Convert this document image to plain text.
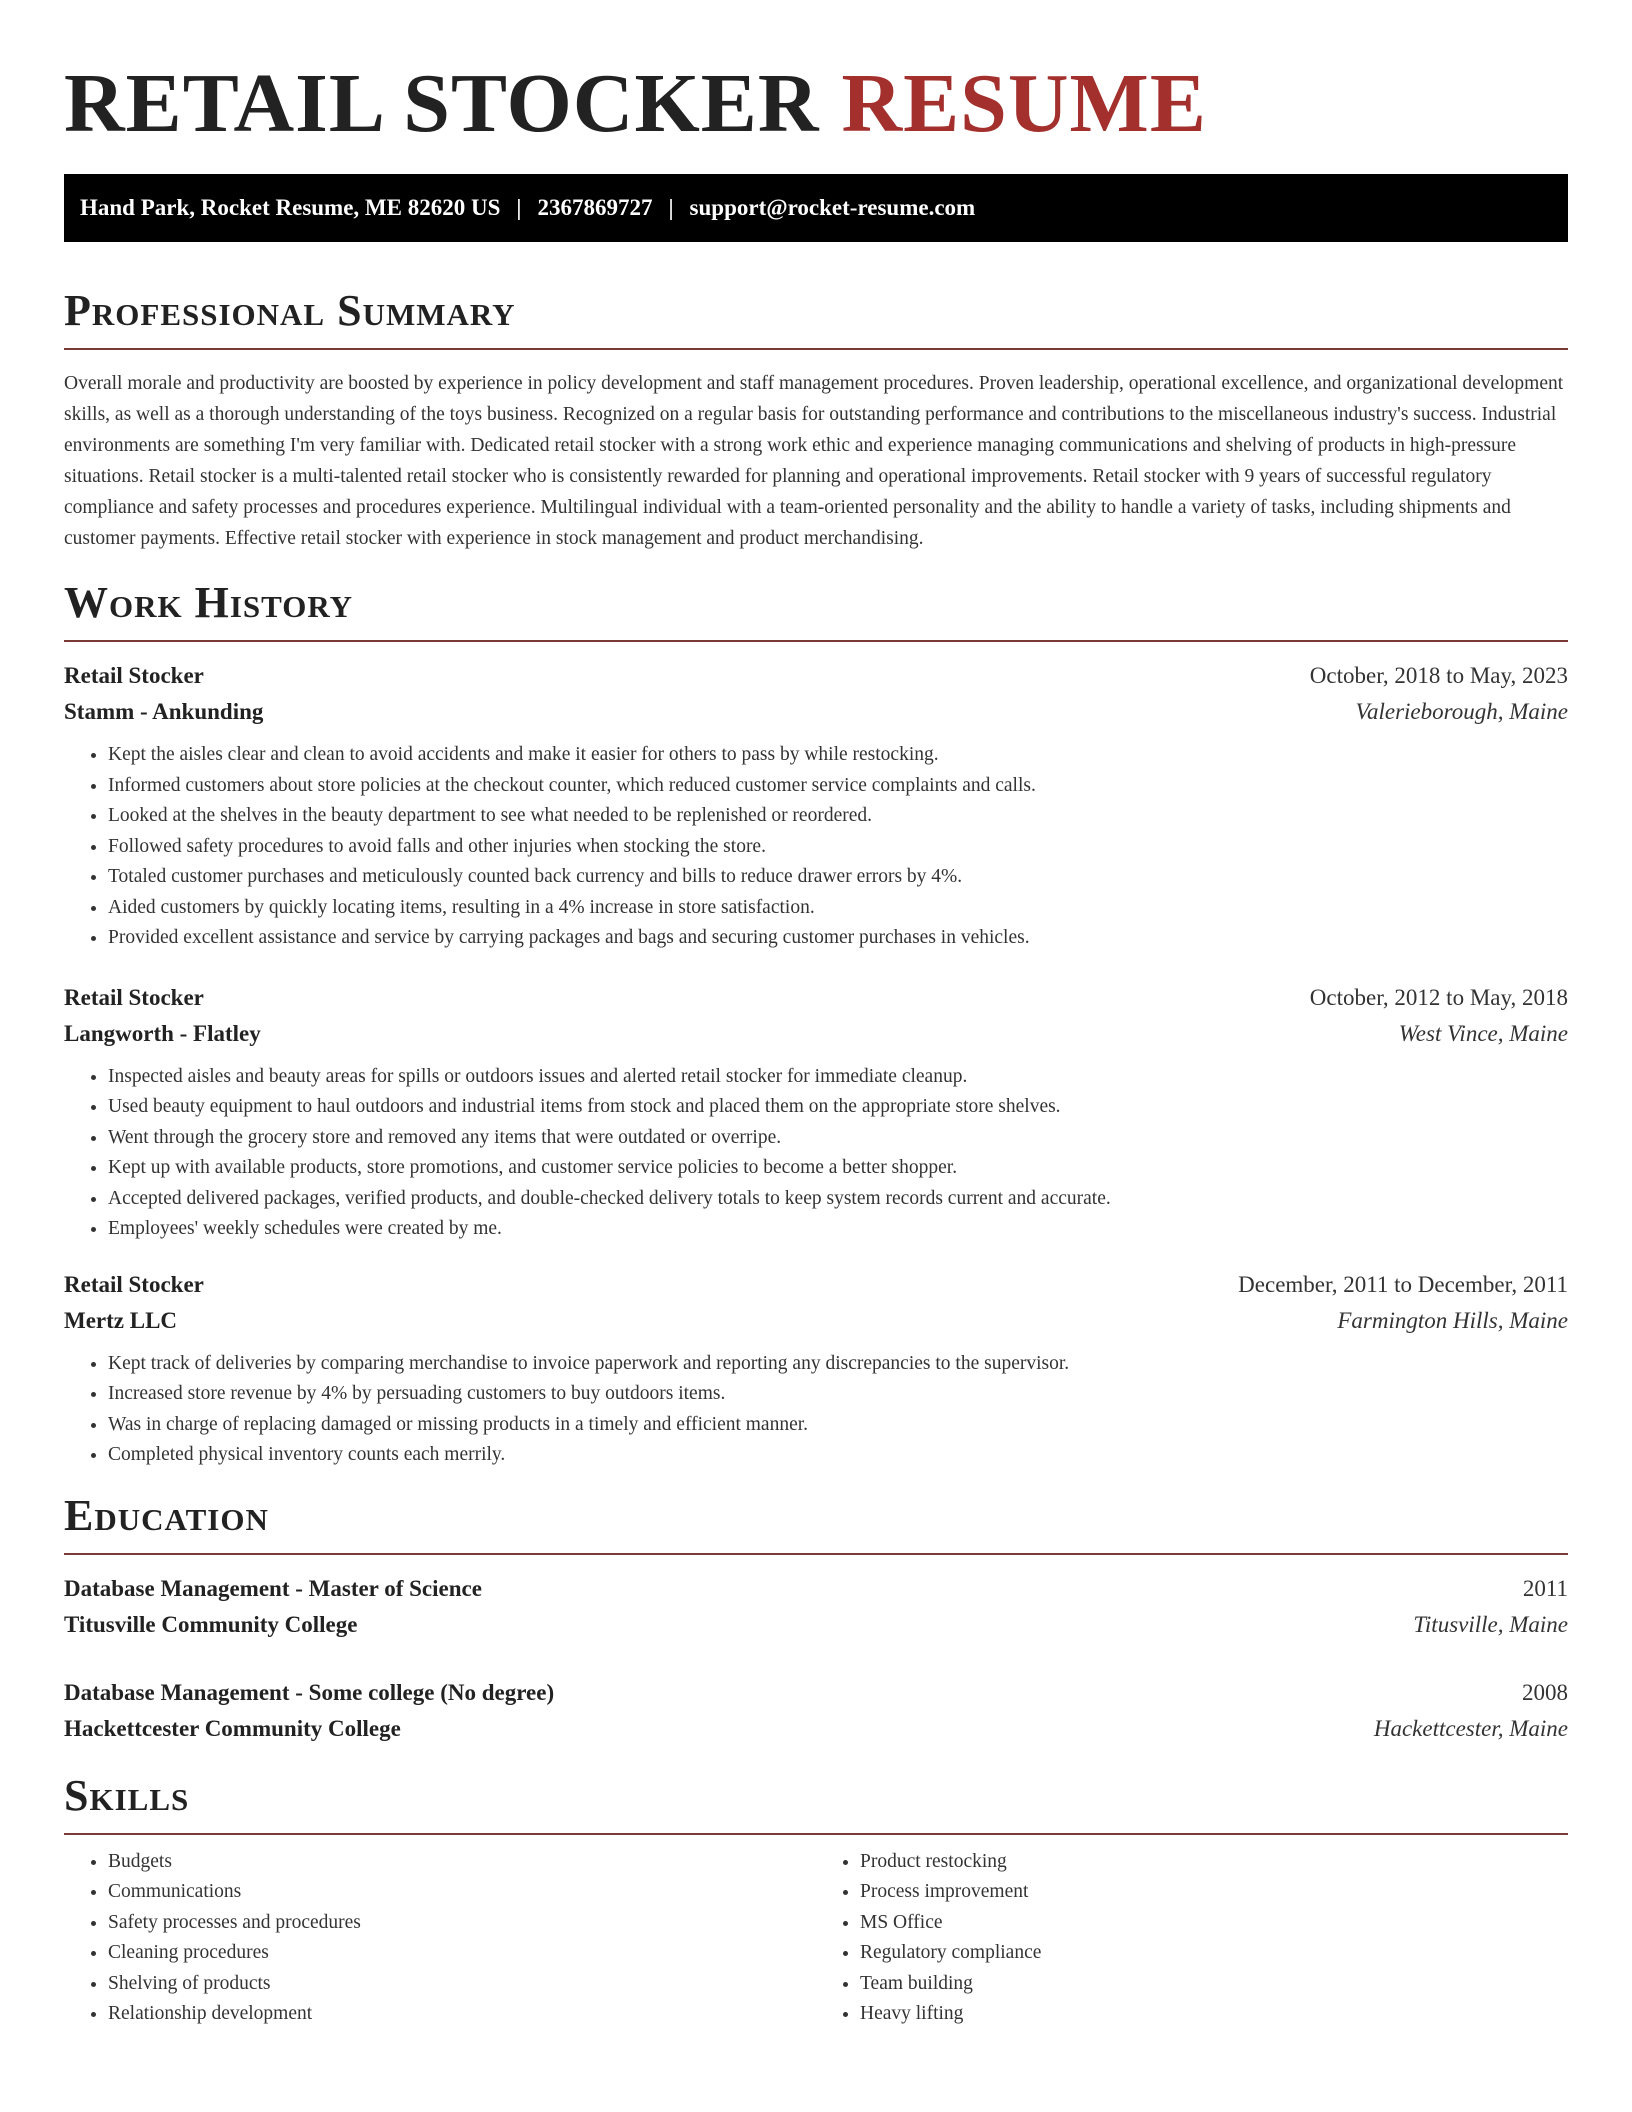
RETAIL STOCKER RESUME
Hand Park, Rocket Resume, ME 82620 US | 2367869727 | support@rocket-resume.com
Professional Summary

Overall morale and productivity are boosted by experience in policy development and staff management procedures. Proven leadership, operational excellence, and organizational development skills, as well as a thorough understanding of the toys business. Recognized on a regular basis for outstanding performance and contributions to the miscellaneous industry's success. Industrial environments are something I'm very familiar with. Dedicated retail stocker with a strong work ethic and experience managing communications and shelving of products in high-pressure situations. Retail stocker is a multi-talented retail stocker who is consistently rewarded for planning and operational improvements. Retail stocker with 9 years of successful regulatory compliance and safety processes and procedures experience. Multilingual individual with a team-oriented personality and the ability to handle a variety of tasks, including shipments and customer payments. Effective retail stocker with experience in stock management and product merchandising.

Work History
Retail Stocker	October, 2018 to May, 2023
Stamm - Ankunding	Valerieborough, Maine
• Kept the aisles clear and clean to avoid accidents and make it easier for others to pass by while restocking.
• Informed customers about store policies at the checkout counter, which reduced customer service complaints and calls.
• Looked at the shelves in the beauty department to see what needed to be replenished or reordered.
• Followed safety procedures to avoid falls and other injuries when stocking the store.
• Totaled customer purchases and meticulously counted back currency and bills to reduce drawer errors by 4%.
• Aided customers by quickly locating items, resulting in a 4% increase in store satisfaction.
• Provided excellent assistance and service by carrying packages and bags and securing customer purchases in vehicles.
Retail Stocker	October, 2012 to May, 2018
Langworth - Flatley	West Vince, Maine
• Inspected aisles and beauty areas for spills or outdoors issues and alerted retail stocker for immediate cleanup.
• Used beauty equipment to haul outdoors and industrial items from stock and placed them on the appropriate store shelves.
• Went through the grocery store and removed any items that were outdated or overripe.
• Kept up with available products, store promotions, and customer service policies to become a better shopper.
• Accepted delivered packages, verified products, and double-checked delivery totals to keep system records current and accurate.
• Employees' weekly schedules were created by me.
Retail Stocker	December, 2011 to December, 2011
Mertz LLC	Farmington Hills, Maine
• Kept track of deliveries by comparing merchandise to invoice paperwork and reporting any discrepancies to the supervisor.
• Increased store revenue by 4% by persuading customers to buy outdoors items.
• Was in charge of replacing damaged or missing products in a timely and efficient manner.
• Completed physical inventory counts each merrily.
Education
Database Management - Master of Science	2011
Titusville Community College	Titusville, Maine
Database Management - Some college (No degree)	2008
Hackettcester Community College	Hackettcester, Maine
Skills
• Budgets
• Communications
• Safety processes and procedures
• Cleaning procedures
• Shelving of products
• Relationship development
• Product restocking
• Process improvement
• MS Office
• Regulatory compliance
• Team building
• Heavy lifting
